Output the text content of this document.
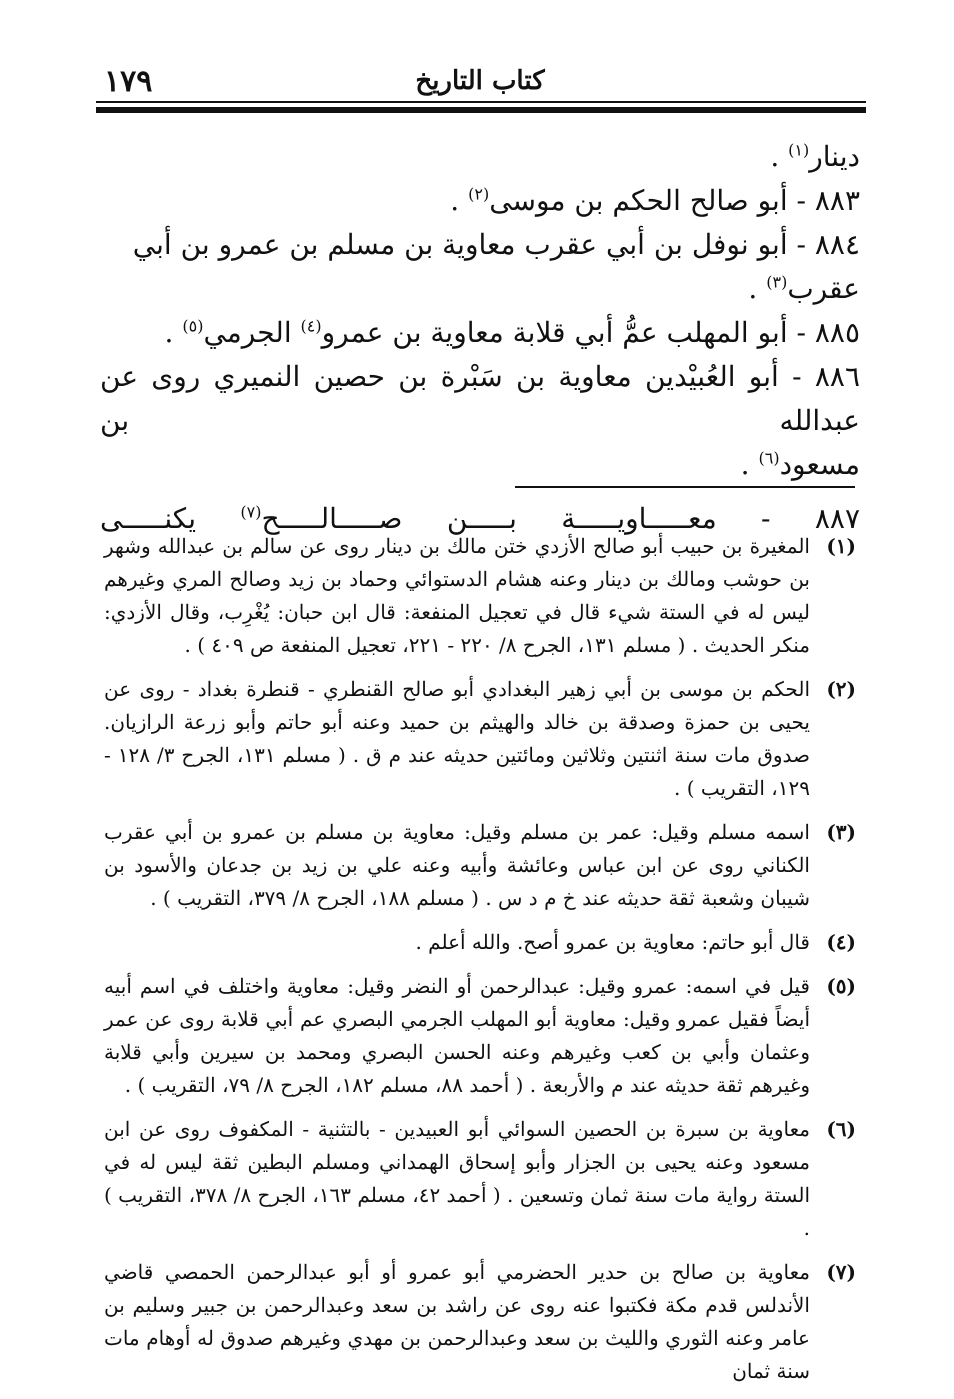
١٧٩	كتاب التاريخ
دينار$^{(١)}$ .
٨٨٣ - أبو صالح الحكم بن موسى$^{(٢)}$ .
٨٨٤ - أبو نوفل بن أبي عقرب معاوية بن مسلم بن عمرو بن أبي عقرب$^{(٣)}$ .
٨٨٥ - أبو المهلب عمُّ أبي قلابة معاوية بن عمرو$^{(٤)}$ الجرمي$^{(٥)}$ .
٨٨٦ - أبو العُبيْدين معاوية بن سَبْرة بن حصين النميري روى عن عبدالله بن
مسعود$^{(٦)}$ .
٨٨٧ - معـــــاويـــــة بـــــن صـــــالـــــح$^{(٧)}$ يكنـــــى
(١)
المغيرة بن حبيب أبو صالح الأزدي ختن مالك بن دينار روى عن سالم بن عبدالله وشهر بن حوشب ومالك بن دينار وعنه هشام الدستوائي وحماد بن زيد وصالح المري وغيرهم ليس له في الستة شيء قال في تعجيل المنفعة: قال ابن حبان: يُغْرِب، وقال الأزدي: منكر الحديث . ( مسلم ١٣١، الجرح ٨/ ٢٢٠ - ٢٢١، تعجيل المنفعة ص ٤٠٩ ) .
(٢)
الحكم بن موسى بن أبي زهير البغدادي أبو صالح القنطري - قنطرة بغداد - روى عن يحيى بن حمزة وصدقة بن خالد والهيثم بن حميد وعنه أبو حاتم وأبو زرعة الرازيان. صدوق مات سنة اثنتين وثلاثين ومائتين حديثه عند م ق . ( مسلم ١٣١، الجرح ٣/ ١٢٨ - ١٢٩، التقريب ) .
(٣)
اسمه مسلم وقيل: عمر بن مسلم وقيل: معاوية بن مسلم بن عمرو بن أبي عقرب الكناني روى عن ابن عباس وعائشة وأبيه وعنه علي بن زيد بن جدعان والأسود بن شيبان وشعبة ثقة حديثه عند خ م د س . ( مسلم ١٨٨، الجرح ٨/ ٣٧٩، التقريب ) .
(٤)
قال أبو حاتم: معاوية بن عمرو أصح. والله أعلم .
(٥)
قيل في اسمه: عمرو وقيل: عبدالرحمن أو النضر وقيل: معاوية واختلف في اسم أبيه أيضاً فقيل عمرو وقيل: معاوية أبو المهلب الجرمي البصري عم أبي قلابة روى عن عمر وعثمان وأبي بن كعب وغيرهم وعنه الحسن البصري ومحمد بن سيرين وأبي قلابة وغيرهم ثقة حديثه عند م والأربعة . ( أحمد ٨٨، مسلم ١٨٢، الجرح ٨/ ٧٩، التقريب ) .
(٦)
معاوية بن سبرة بن الحصين السوائي أبو العبيدين - بالتثنية - المكفوف روى عن ابن مسعود وعنه يحيى بن الجزار وأبو إسحاق الهمداني ومسلم البطين ثقة ليس له في الستة رواية مات سنة ثمان وتسعين . ( أحمد ٤٢، مسلم ١٦٣، الجرح ٨/ ٣٧٨، التقريب ) .
(٧)
معاوية بن صالح بن حدير الحضرمي أبو عمرو أو أبو عبدالرحمن الحمصي قاضي الأندلس قدم مكة فكتبوا عنه روى عن راشد بن سعد وعبدالرحمن بن جبير وسليم بن عامر وعنه الثوري والليث بن سعد وعبدالرحمن بن مهدي وغيرهم صدوق له أوهام مات سنة ثمان
